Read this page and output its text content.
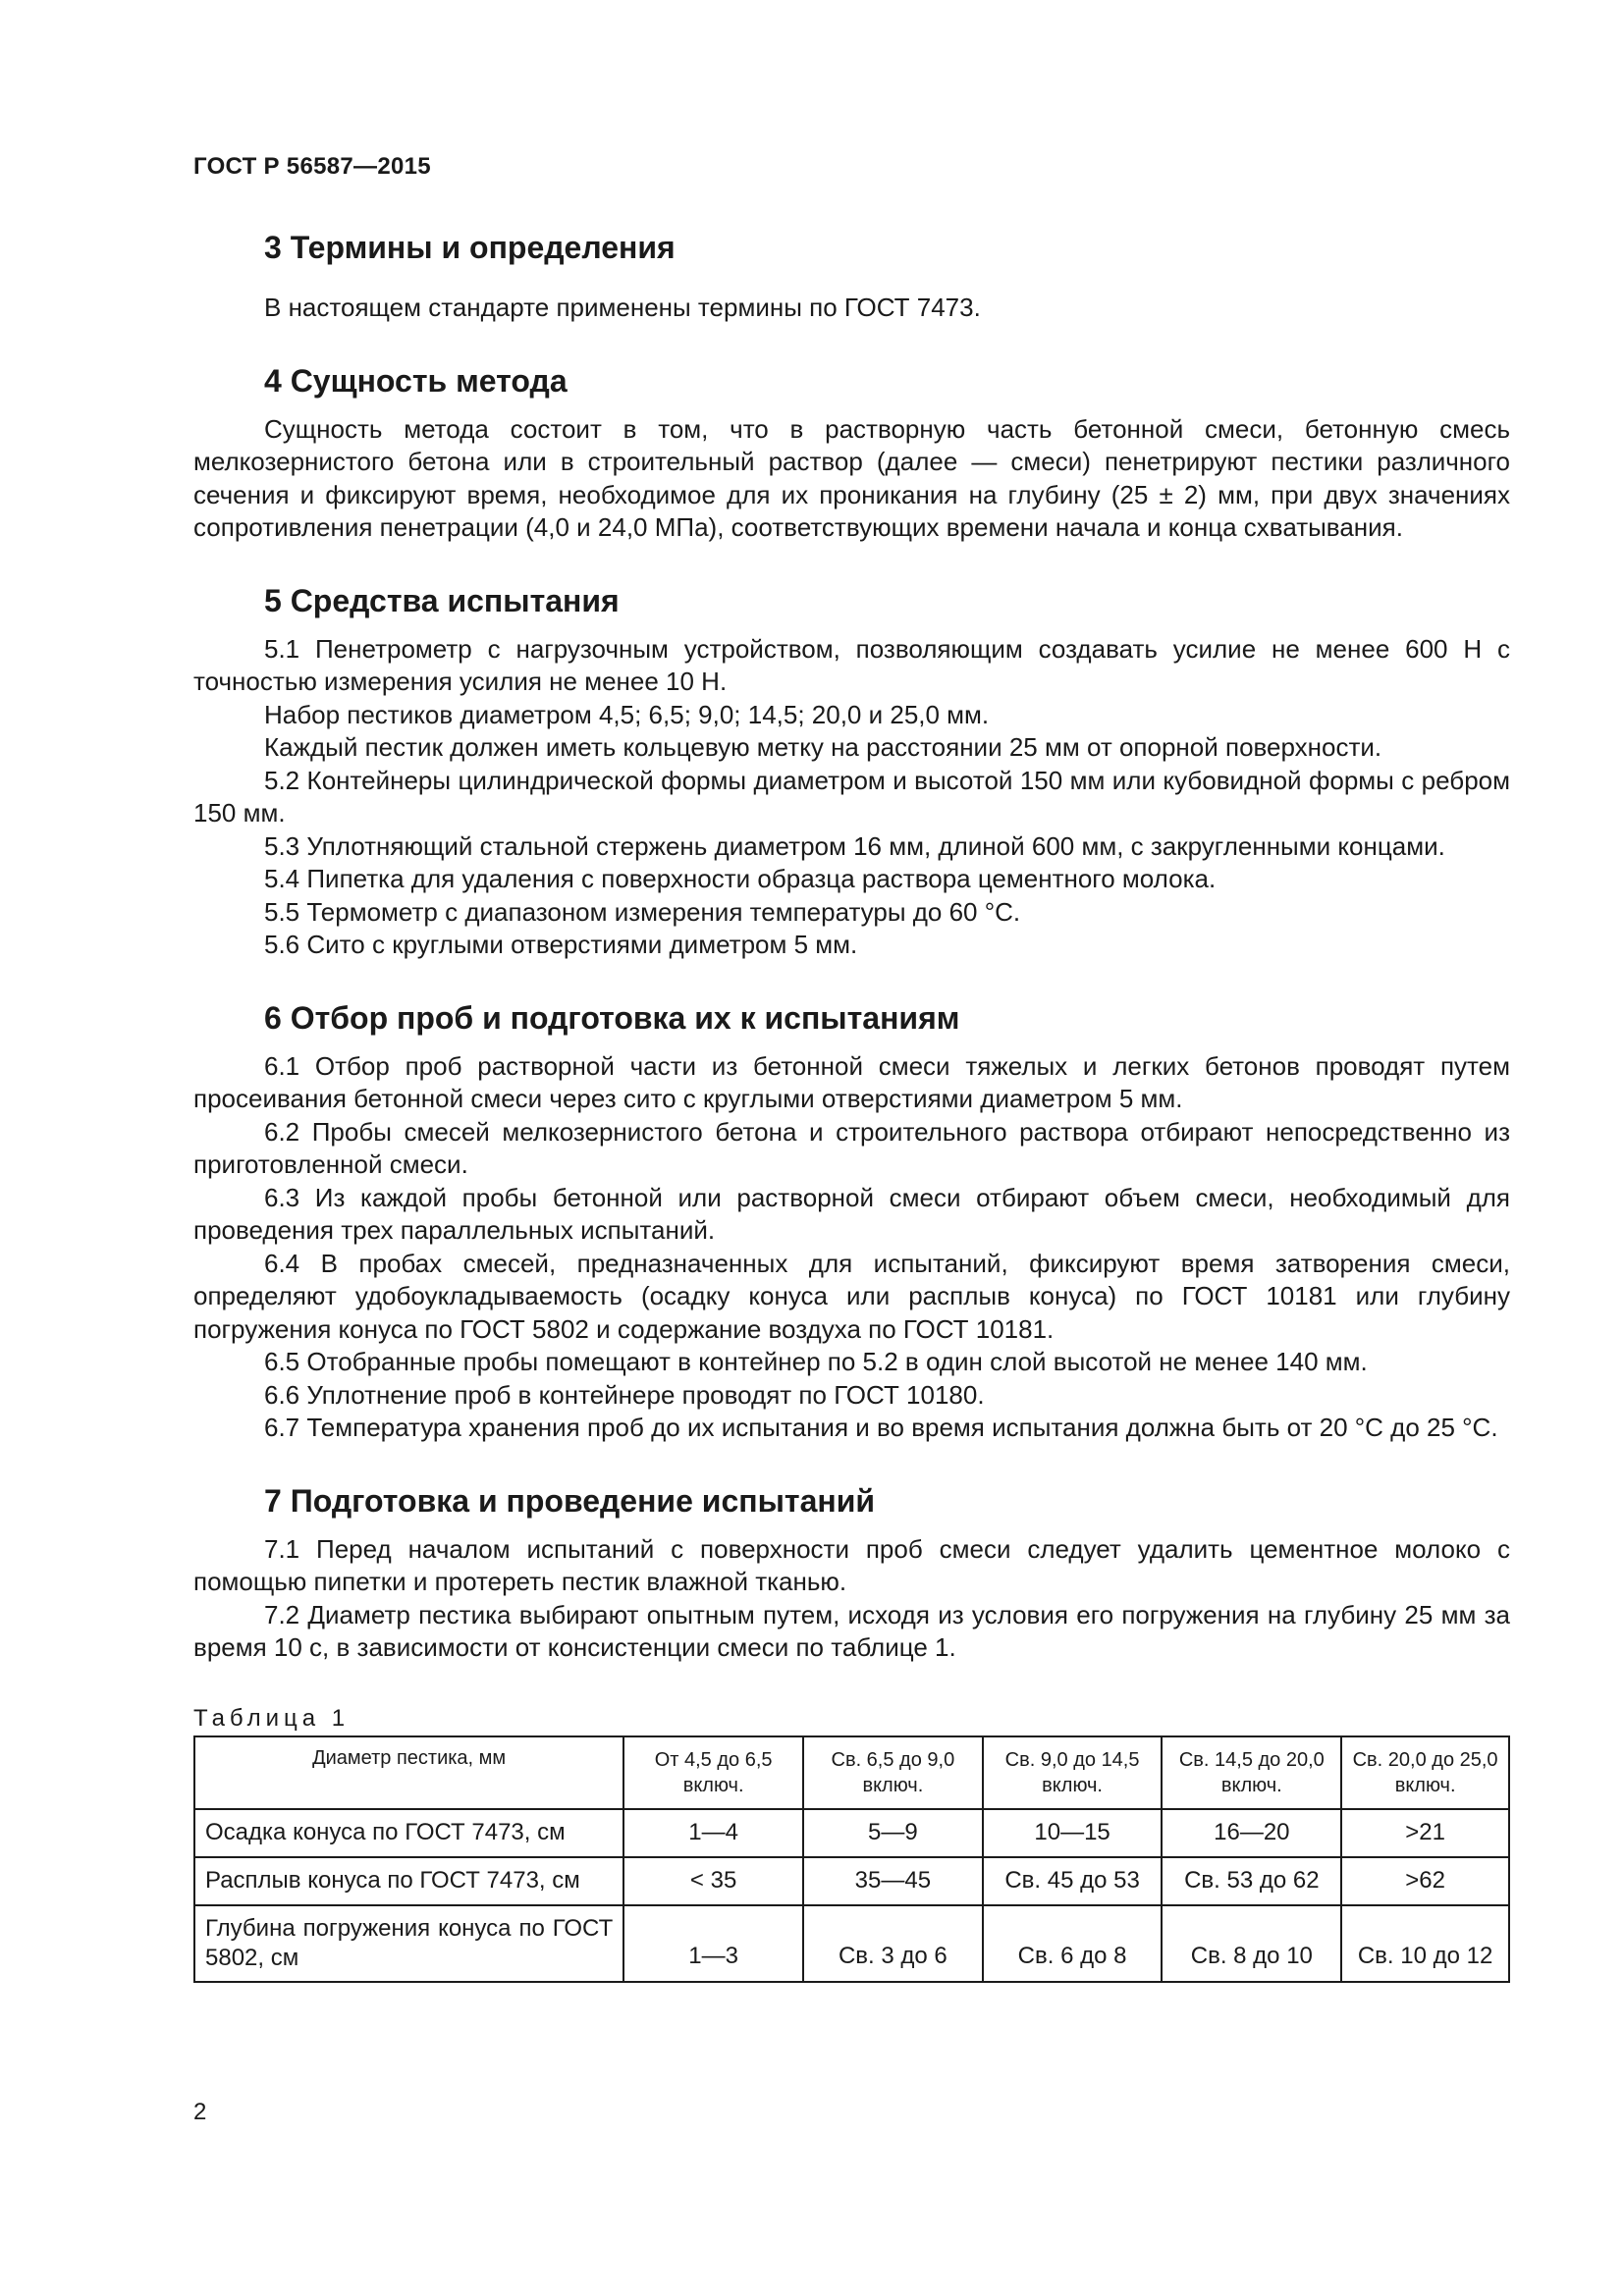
ГОСТ Р 56587—2015
3 Термины и определения

В настоящем стандарте применены термины по ГОСТ 7473.

4 Сущность метода

Сущность метода состоит в том, что в растворную часть бетонной смеси, бетонную смесь мелкозернистого бетона или в строительный раствор (далее — смеси) пенетрируют пестики различного сечения и фиксируют время, необходимое для их проникания на глубину (25 ± 2) мм, при двух значениях сопротивления пенетрации (4,0 и 24,0 МПа), соответствующих времени начала и конца схватывания.

5 Средства испытания

5.1 Пенетрометр с нагрузочным устройством, позволяющим создавать усилие не менее 600 Н с точностью измерения усилия не менее 10 Н.

Набор пестиков диаметром 4,5; 6,5; 9,0; 14,5; 20,0 и 25,0 мм.

Каждый пестик должен иметь кольцевую метку на расстоянии 25 мм от опорной поверхности.

5.2 Контейнеры цилиндрической формы диаметром и высотой 150 мм или кубовидной формы с ребром 150 мм.

5.3 Уплотняющий стальной стержень диаметром 16 мм, длиной 600 мм, с закругленными концами.

5.4 Пипетка для удаления с поверхности образца раствора цементного молока.

5.5 Термометр с диапазоном измерения температуры до 60 °С.

5.6 Сито с круглыми отверстиями диметром 5 мм.

6 Отбор проб и подготовка их к испытаниям

6.1 Отбор проб растворной части из бетонной смеси тяжелых и легких бетонов проводят путем просеивания бетонной смеси через сито с круглыми отверстиями диаметром 5 мм.

6.2 Пробы смесей мелкозернистого бетона и строительного раствора отбирают непосредственно из приготовленной смеси.

6.3 Из каждой пробы бетонной или растворной смеси отбирают объем смеси, необходимый для проведения трех параллельных испытаний.

6.4 В пробах смесей, предназначенных для испытаний, фиксируют время затворения смеси, определяют удобоукладываемость (осадку конуса или расплыв конуса) по ГОСТ 10181 или глубину погружения конуса по ГОСТ 5802 и содержание воздуха по ГОСТ 10181.

6.5 Отобранные пробы помещают в контейнер по 5.2 в один слой высотой не менее 140 мм.

6.6 Уплотнение проб в контейнере проводят по ГОСТ 10180.

6.7 Температура хранения проб до их испытания и во время испытания должна быть от 20 °С до 25 °С.

7 Подготовка и проведение испытаний

7.1 Перед началом испытаний с поверхности проб смеси следует удалить цементное молоко с помощью пипетки и протереть пестик влажной тканью.

7.2 Диаметр пестика выбирают опытным путем, исходя из условия его погружения на глубину 25 мм за время 10 с, в зависимости от консистенции смеси по таблице 1.

Таблица 1
Диаметр пестика, мм	От 4,5 до 6,5 включ.	Св. 6,5 до 9,0 включ.	Св. 9,0 до 14,5 включ.	Св. 14,5 до 20,0 включ.	Св. 20,0 до 25,0 включ.
Осадка конуса по ГОСТ 7473, см	1—4	5—9	10—15	16—20	>21
Расплыв конуса по ГОСТ 7473, см	< 35	35—45	Св. 45 до 53	Св. 53 до 62	>62
Глубина погружения конуса по ГОСТ 5802, см	1—3	Св. 3 до 6	Св. 6 до 8	Св. 8 до 10	Св. 10 до 12
2
